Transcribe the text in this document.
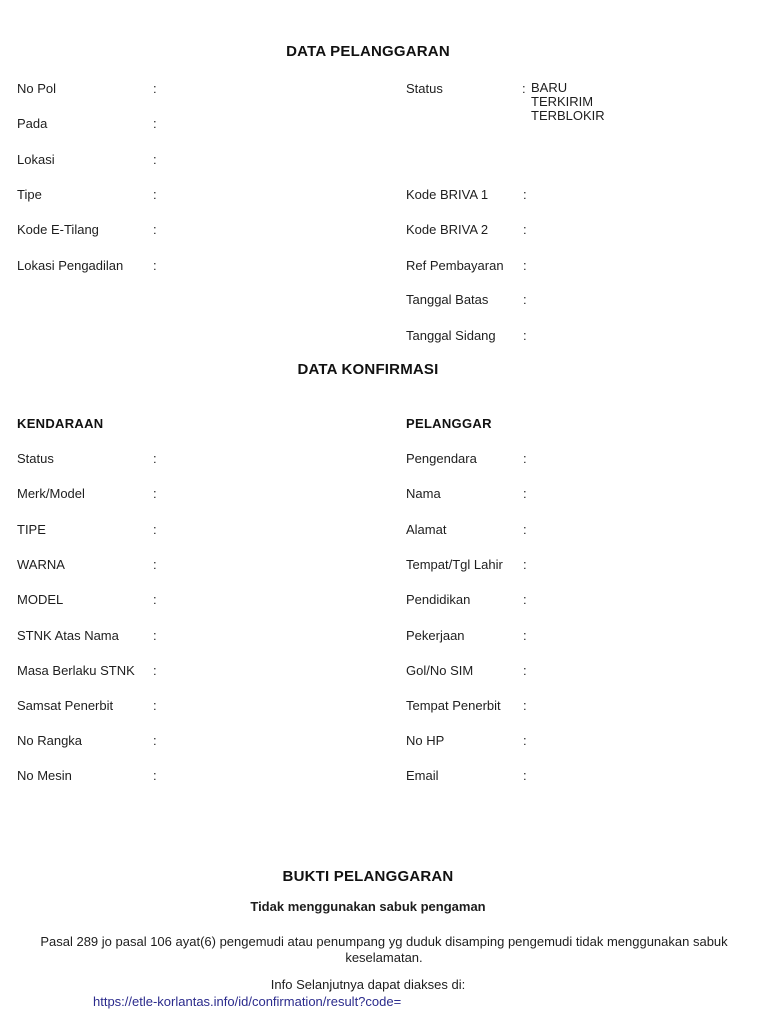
DATA PELANGGARAN
No Pol	:
Pada	:
Lokasi	:
Tipe	:
Kode E-Tilang	:
Lokasi Pengadilan :
Status	: BARU
TERKIRIM
TERBLOKIR
Kode BRIVA 1	:
Kode BRIVA 2	:
Ref Pembayaran :
Tanggal Batas	:
Tanggal Sidang :
DATA KONFIRMASI
KENDARAAN
Status	:
Merk/Model	:
TIPE	:
WARNA	:
MODEL	:
STNK Atas Nama	:
Masa Berlaku STNK :
Samsat Penerbit	:
No Rangka	:
No Mesin	:
PELANGGAR
Pengendara	:
Nama	:
Alamat	:
Tempat/Tgl Lahir :
Pendidikan	:
Pekerjaan	:
Gol/No SIM	:
Tempat Penerbit :
No HP	:
Email	:
BUKTI PELANGGARAN
Tidak menggunakan sabuk pengaman
Pasal 289 jo pasal 106 ayat(6) pengemudi atau penumpang yg duduk disamping pengemudi tidak menggunakan sabuk keselamatan.
Info Selanjutnya dapat diakses di:
https://etle-korlantas.info/id/confirmation/result?code=
